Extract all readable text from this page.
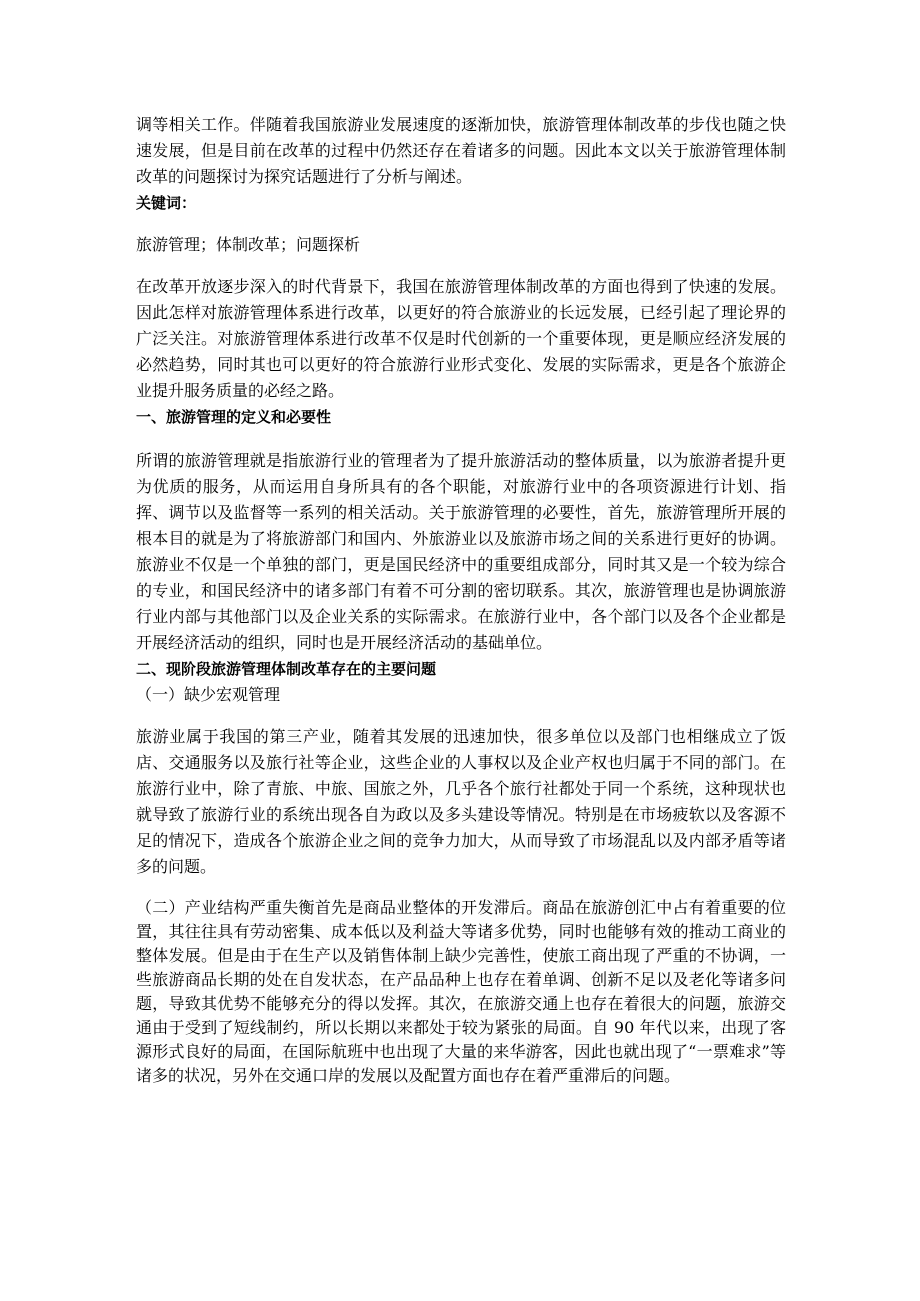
调等相关工作。伴随着我国旅游业发展速度的逐渐加快，旅游管理体制改革的步伐也随之快速发展，但是目前在改革的过程中仍然还存在着诸多的问题。因此本文以关于旅游管理体制改革的问题探讨为探究话题进行了分析与阐述。

关键词：

旅游管理；体制改革；问题探析

在改革开放逐步深入的时代背景下，我国在旅游管理体制改革的方面也得到了快速的发展。因此怎样对旅游管理体系进行改革，以更好的符合旅游业的长远发展，已经引起了理论界的广泛关注。对旅游管理体系进行改革不仅是时代创新的一个重要体现，更是顺应经济发展的必然趋势，同时其也可以更好的符合旅游行业形式变化、发展的实际需求，更是各个旅游企业提升服务质量的必经之路。

一、旅游管理的定义和必要性

所谓的旅游管理就是指旅游行业的管理者为了提升旅游活动的整体质量，以为旅游者提升更为优质的服务，从而运用自身所具有的各个职能，对旅游行业中的各项资源进行计划、指挥、调节以及监督等一系列的相关活动。关于旅游管理的必要性，首先，旅游管理所开展的根本目的就是为了将旅游部门和国内、外旅游业以及旅游市场之间的关系进行更好的协调。旅游业不仅是一个单独的部门，更是国民经济中的重要组成部分，同时其又是一个较为综合的专业，和国民经济中的诸多部门有着不可分割的密切联系。其次，旅游管理也是协调旅游行业内部与其他部门以及企业关系的实际需求。在旅游行业中，各个部门以及各个企业都是开展经济活动的组织，同时也是开展经济活动的基础单位。

二、现阶段旅游管理体制改革存在的主要问题

（一）缺少宏观管理

旅游业属于我国的第三产业，随着其发展的迅速加快，很多单位以及部门也相继成立了饭店、交通服务以及旅行社等企业，这些企业的人事权以及企业产权也归属于不同的部门。在旅游行业中，除了青旅、中旅、国旅之外，几乎各个旅行社都处于同一个系统，这种现状也就导致了旅游行业的系统出现各自为政以及多头建设等情况。特别是在市场疲软以及客源不足的情况下，造成各个旅游企业之间的竞争力加大，从而导致了市场混乱以及内部矛盾等诸多的问题。

（二）产业结构严重失衡首先是商品业整体的开发滞后。商品在旅游创汇中占有着重要的位置，其往往具有劳动密集、成本低以及利益大等诸多优势，同时也能够有效的推动工商业的整体发展。但是由于在生产以及销售体制上缺少完善性，使旅工商出现了严重的不协调，一些旅游商品长期的处在自发状态，在产品品种上也存在着单调、创新不足以及老化等诸多问题，导致其优势不能够充分的得以发挥。其次，在旅游交通上也存在着很大的问题，旅游交通由于受到了短线制约，所以长期以来都处于较为紧张的局面。自 90 年代以来，出现了客源形式良好的局面，在国际航班中也出现了大量的来华游客，因此也就出现了“一票难求”等诸多的状况，另外在交通口岸的发展以及配置方面也存在着严重滞后的问题。
